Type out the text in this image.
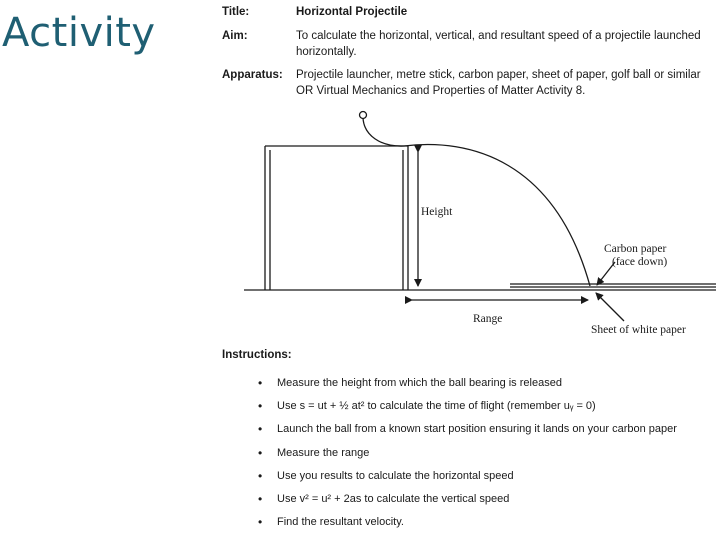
Activity	Title:	Horizontal Projectile
Aim:	To calculate the horizontal, vertical, and resultant speed of a projectile launched horizontally.
Apparatus: Projectile launcher, metre stick, carbon paper, sheet of paper, golf ball or similar OR Virtual Mechanics and Properties of Matter Activity 8.
Instructions:
• Measure the height from which the ball bearing is released
• Use s = ut + ½ at² to calculate the time of flight (remember uᵧ = 0)
• Launch the ball from a known start position ensuring it lands on your carbon paper
• Measure the range
• Use you results to calculate the horizontal speed
• Use v² = u² + 2as to calculate the vertical speed
• Find the resultant velocity.
Height
Range
Carbon paper
(face down)
Sheet of white paper
